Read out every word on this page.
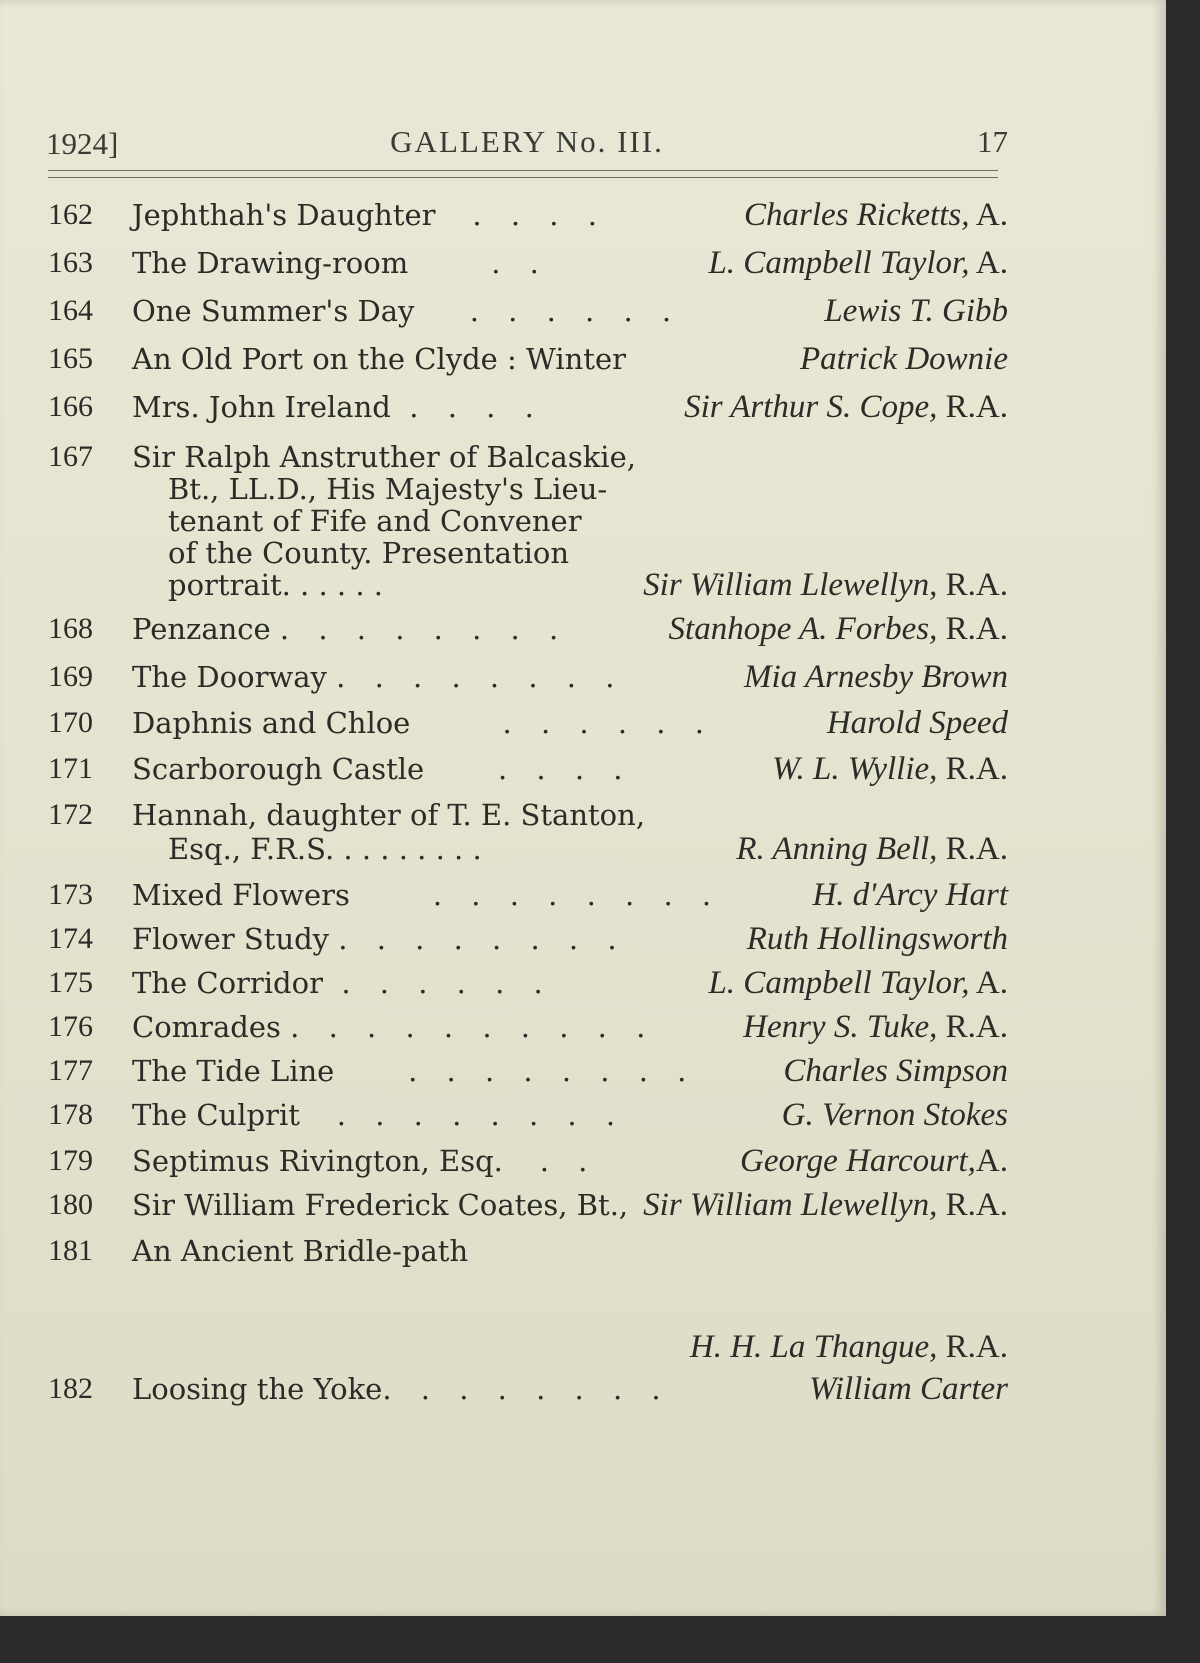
1924]	GALLERY No. III.	17
162 Jephthah's Daughter . . . .	Charles Ricketts, A.
163 The Drawing-room	. .	L. Campbell Taylor, A.
164 One Summer's Day . . . . . .	Lewis T. Gibb
165 An Old Port on the Clyde : Winter	Patrick Downie
166 Mrs. John Ireland . . . .	Sir Arthur S. Cope, R.A.
167 Sir Ralph Anstruther of Balcaskie,
Bt., LL.D., His Majesty's Lieu-
tenant of Fife and Convener
of the County. Presentation
portrait. . . . . .	Sir William Llewellyn, R.A.
168 Penzance . . . . . . . .	Stanhope A. Forbes, R.A.
169 The Doorway . . . . . . . .	Mia Arnesby Brown
170 Daphnis and Chloe	. . . . . .	Harold Speed
171 Scarborough Castle	. . . .	W. L. Wyllie, R.A.
172 Hannah, daughter of T. E. Stanton,
Esq., F.R.S. . . . . . . . .	R. Anning Bell, R.A.
173 Mixed Flowers	. . . . . . . .	H. d'Arcy Hart
174 Flower Study . . . . . . . .	Ruth Hollingsworth
175 The Corridor . . . . . .	L. Campbell Taylor, A.
176 Comrades . . . . . . . . . .	Henry S. Tuke, R.A.
177 The Tide Line	. . . . . . . .	Charles Simpson
178 The Culprit . . . . . . . .	G. Vernon Stokes
179 Septimus Rivington, Esq. . .	George Harcourt,A.
180 Sir William Frederick Coates, Bt., Sir William Llewellyn, R.A.
181 An Ancient Bridle-path
H. H. La Thangue, R.A.
182 Loosing the Yoke. . . . . . . .	William Carter
